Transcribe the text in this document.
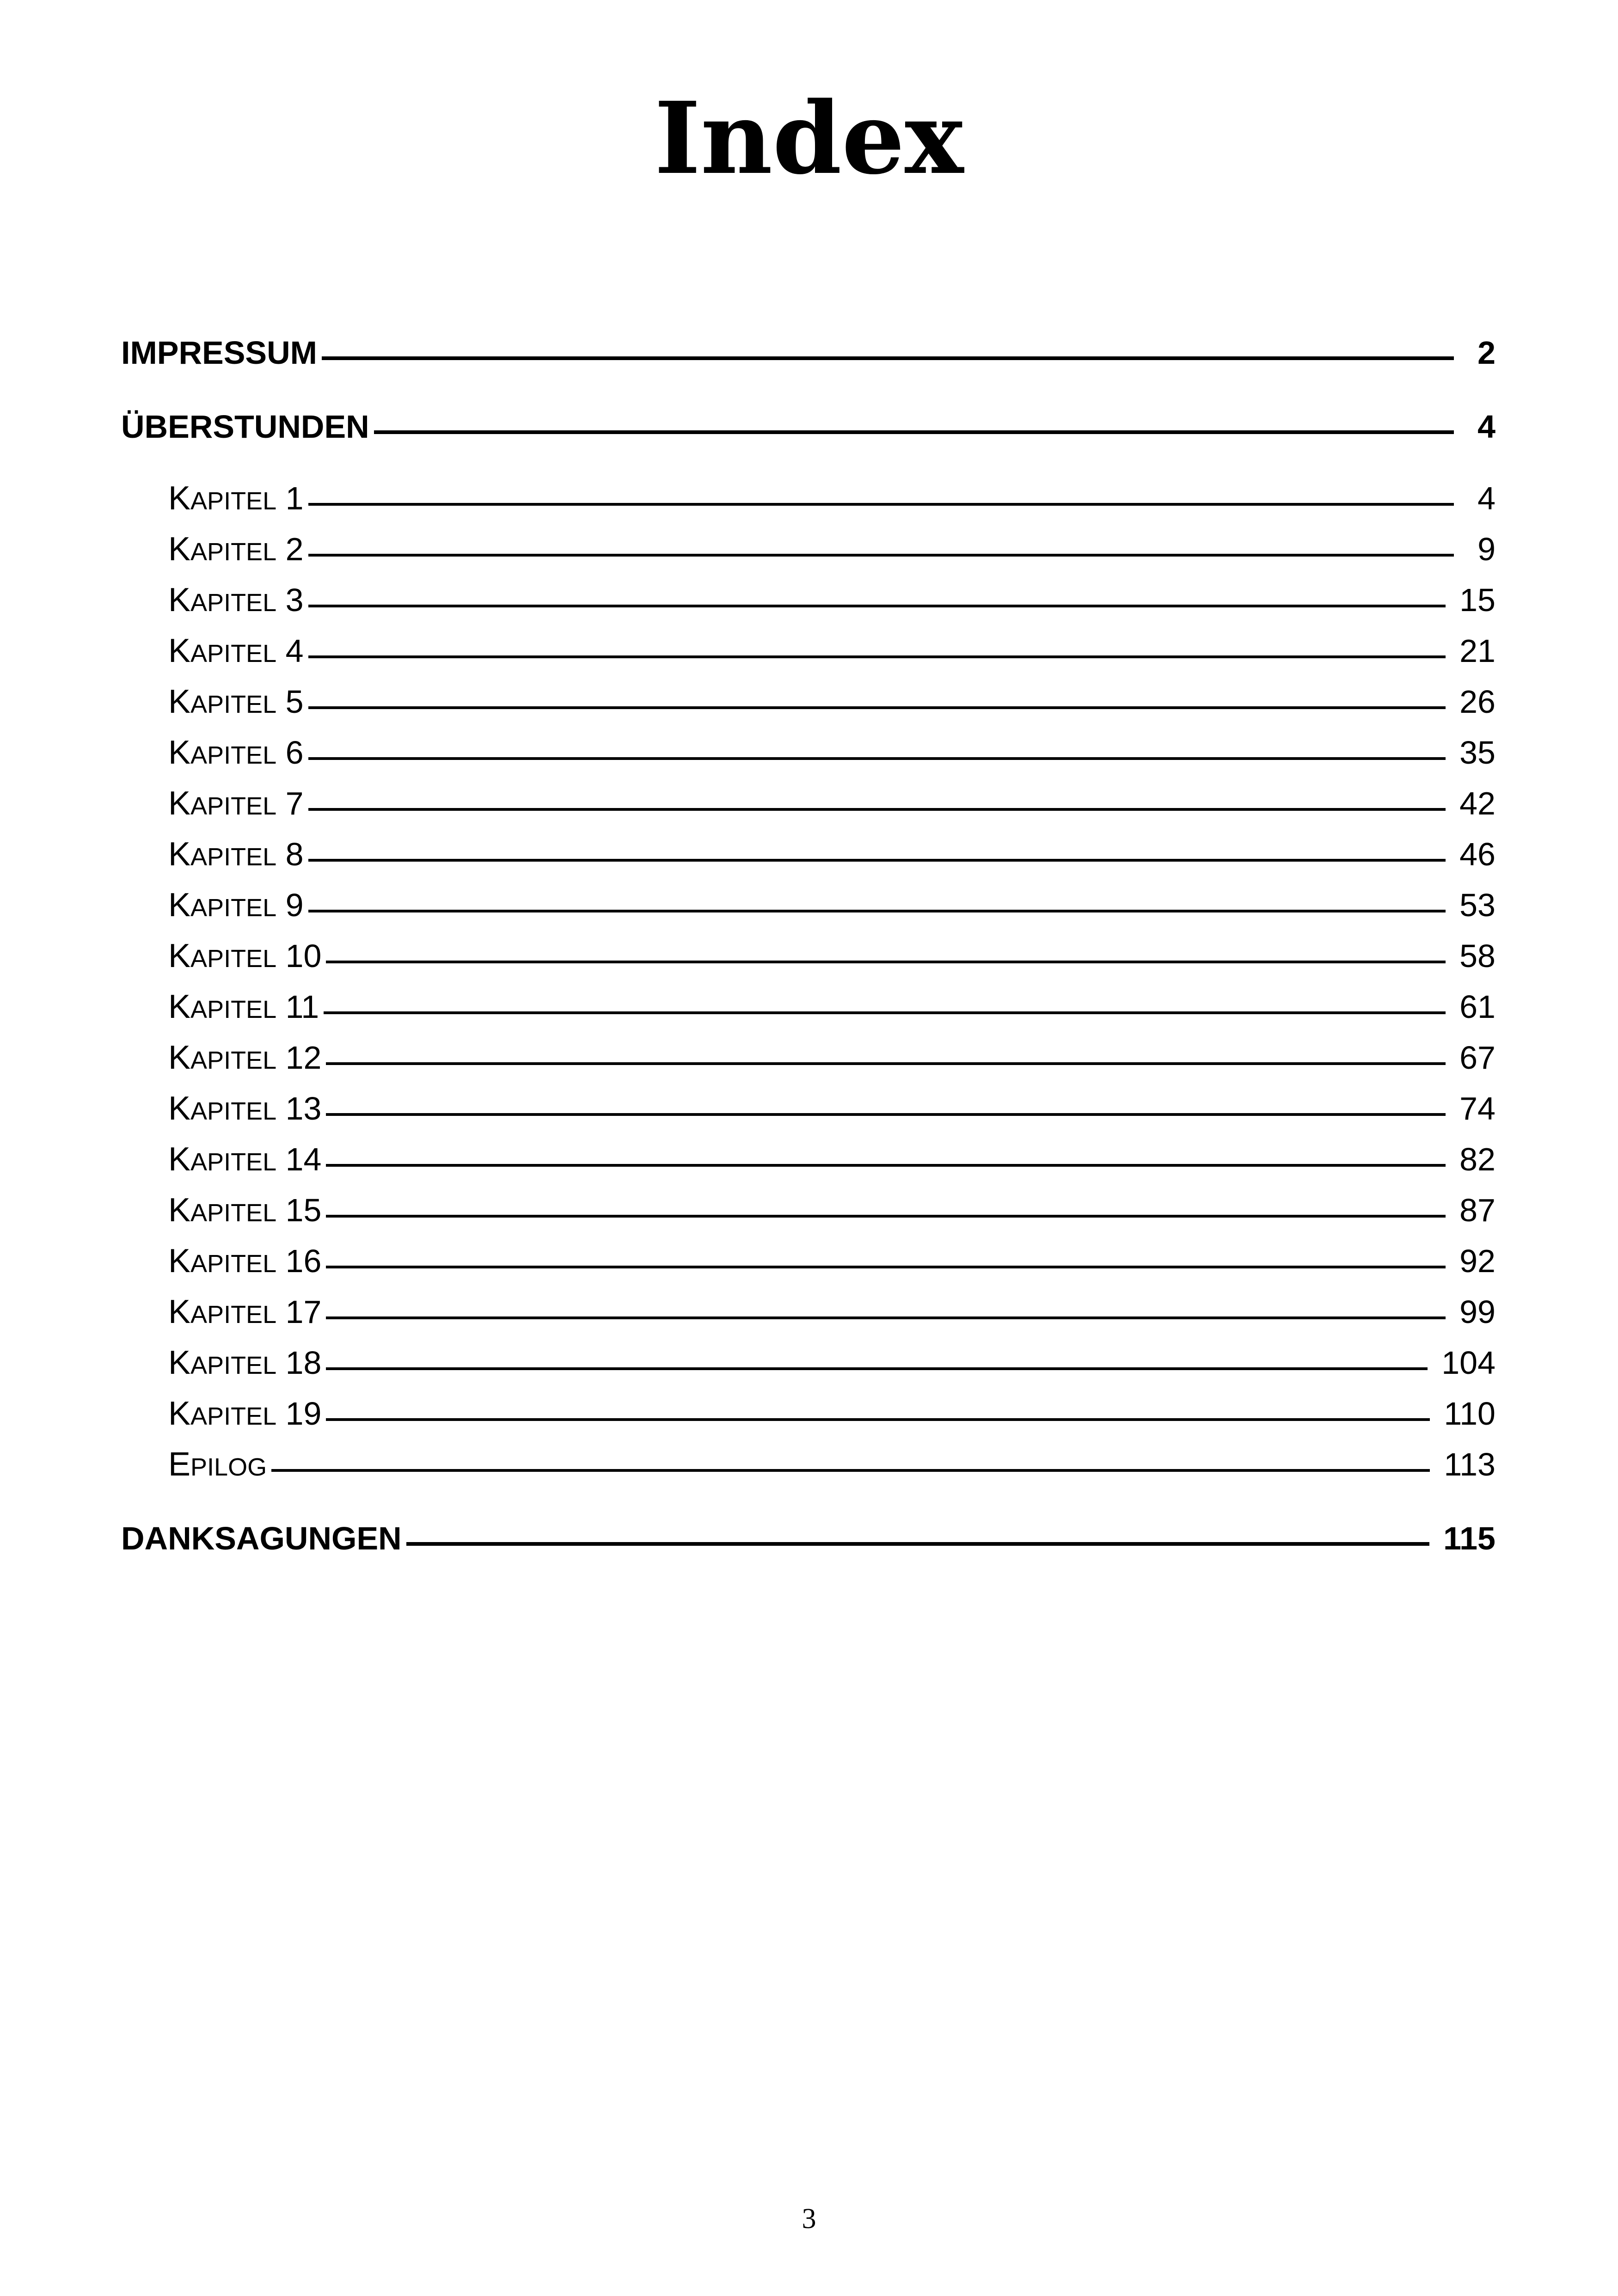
Index
IMPRESSUM	2
ÜBERSTUNDEN	4
KAPITEL 1	4
KAPITEL 2	9
KAPITEL 3	15
KAPITEL 4	21
KAPITEL 5	26
KAPITEL 6	35
KAPITEL 7	42
KAPITEL 8	46
KAPITEL 9	53
KAPITEL 10	58
KAPITEL 11	61
KAPITEL 12	67
KAPITEL 13	74
KAPITEL 14	82
KAPITEL 15	87
KAPITEL 16	92
KAPITEL 17	99
KAPITEL 18	104
KAPITEL 19	110
EPILOG	113
DANKSAGUNGEN	115
3
